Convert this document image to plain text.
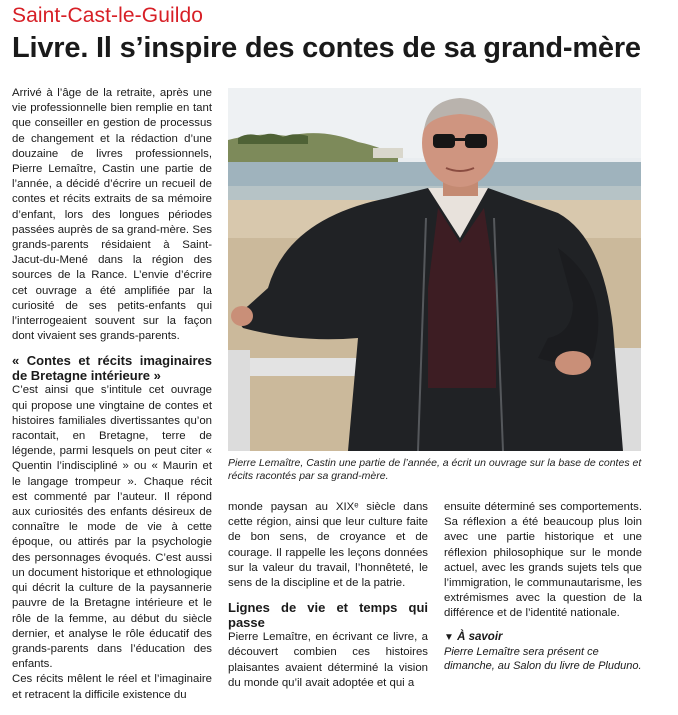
Saint-Cast-le-Guildo
Livre. Il s’inspire des contes de sa grand-mère

Arrivé à l’âge de la retraite, après une vie professionnelle bien remplie en tant que conseiller en gestion de processus de changement et la rédaction d’une douzaine de livres professionnels, Pierre Lemaître, Castin une partie de l’année, a décidé d’écrire un recueil de contes et récits extraits de sa mémoire d’enfant, lors des longues périodes passées auprès de sa grand-mère. Ses grands-parents résidaient à Saint-Jacut-du-Mené dans la région des sources de la Rance. L’envie d’écrire cet ouvrage a été amplifiée par la curiosité de ses petits-enfants qui l’interrogeaient souvent sur la façon dont vivaient ses grands-parents.

« Contes et récits imaginaires de Bretagne intérieure »

C’est ainsi que s’intitule cet ouvrage qui propose une vingtaine de contes et histoires familiales divertissantes qu’on racontait, en Bretagne, terre de légende, parmi lesquels on peut citer « Quentin l’indiscipliné » ou « Maurin et le langage trompeur ». Chaque récit est commenté par l’auteur. Il répond aux curiosités des enfants désireux de connaître le mode de vie à cette époque, ou attirés par la psychologie des personnages évoqués. C’est aussi un document historique et ethnologique qui décrit la culture de la paysannerie pauvre de la Bretagne intérieure et le rôle de la femme, au début du siècle dernier, et analyse le rôle éducatif des grands-parents dans l’éducation des enfants.

Ces récits mêlent le réel et l’imaginaire et retracent la difficile existence du

Pierre Lemaître, Castin une partie de l’année, a écrit un ouvrage sur la base de contes et récits racontés par sa grand-mère.

monde paysan au XIXᵉ siècle dans cette région, ainsi que leur culture faite de bon sens, de croyance et de courage. Il rappelle les leçons données sur la valeur du travail, l’honnêteté, le sens de la discipline et de la patrie.

Lignes de vie et temps qui passe

Pierre Lemaître, en écrivant ce livre, a découvert combien ces histoires plaisantes avaient déterminé la vision du monde qu’il avait adoptée et qui a

ensuite déterminé ses comportements. Sa réflexion a été beaucoup plus loin avec une partie historique et une réflexion philosophique sur le monde actuel, avec les grands sujets tels que l’immigration, le communautarisme, les extrémismes avec la question de la différence et de l’identité nationale.

▼ À savoir

Pierre Lemaître sera présent ce dimanche, au Salon du livre de Pluduno.
